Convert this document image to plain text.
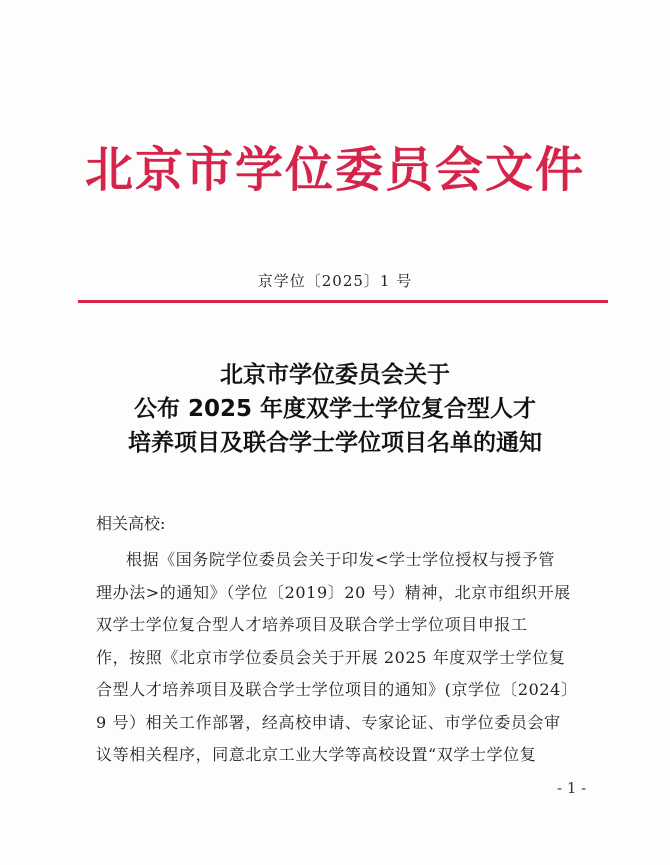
北京市学位委员会文件
京学位〔2025〕1 号
北京市学位委员会关于
公布 2025 年度双学士学位复合型人才
培养项目及联合学士学位项目名单的通知
相关高校:
根据《国务院学位委员会关于印发<学士学位授权与授予管
理办法>的通知》（学位〔2019〕20 号）精神，北京市组织开展
双学士学位复合型人才培养项目及联合学士学位项目申报工
作，按照《北京市学位委员会关于开展 2025 年度双学士学位复
合型人才培养项目及联合学士学位项目的通知》(京学位〔2024〕
9 号）相关工作部署，经高校申请、专家论证、市学位委员会审
议等相关程序，同意北京工业大学等高校设置“双学士学位复
- 1 -
